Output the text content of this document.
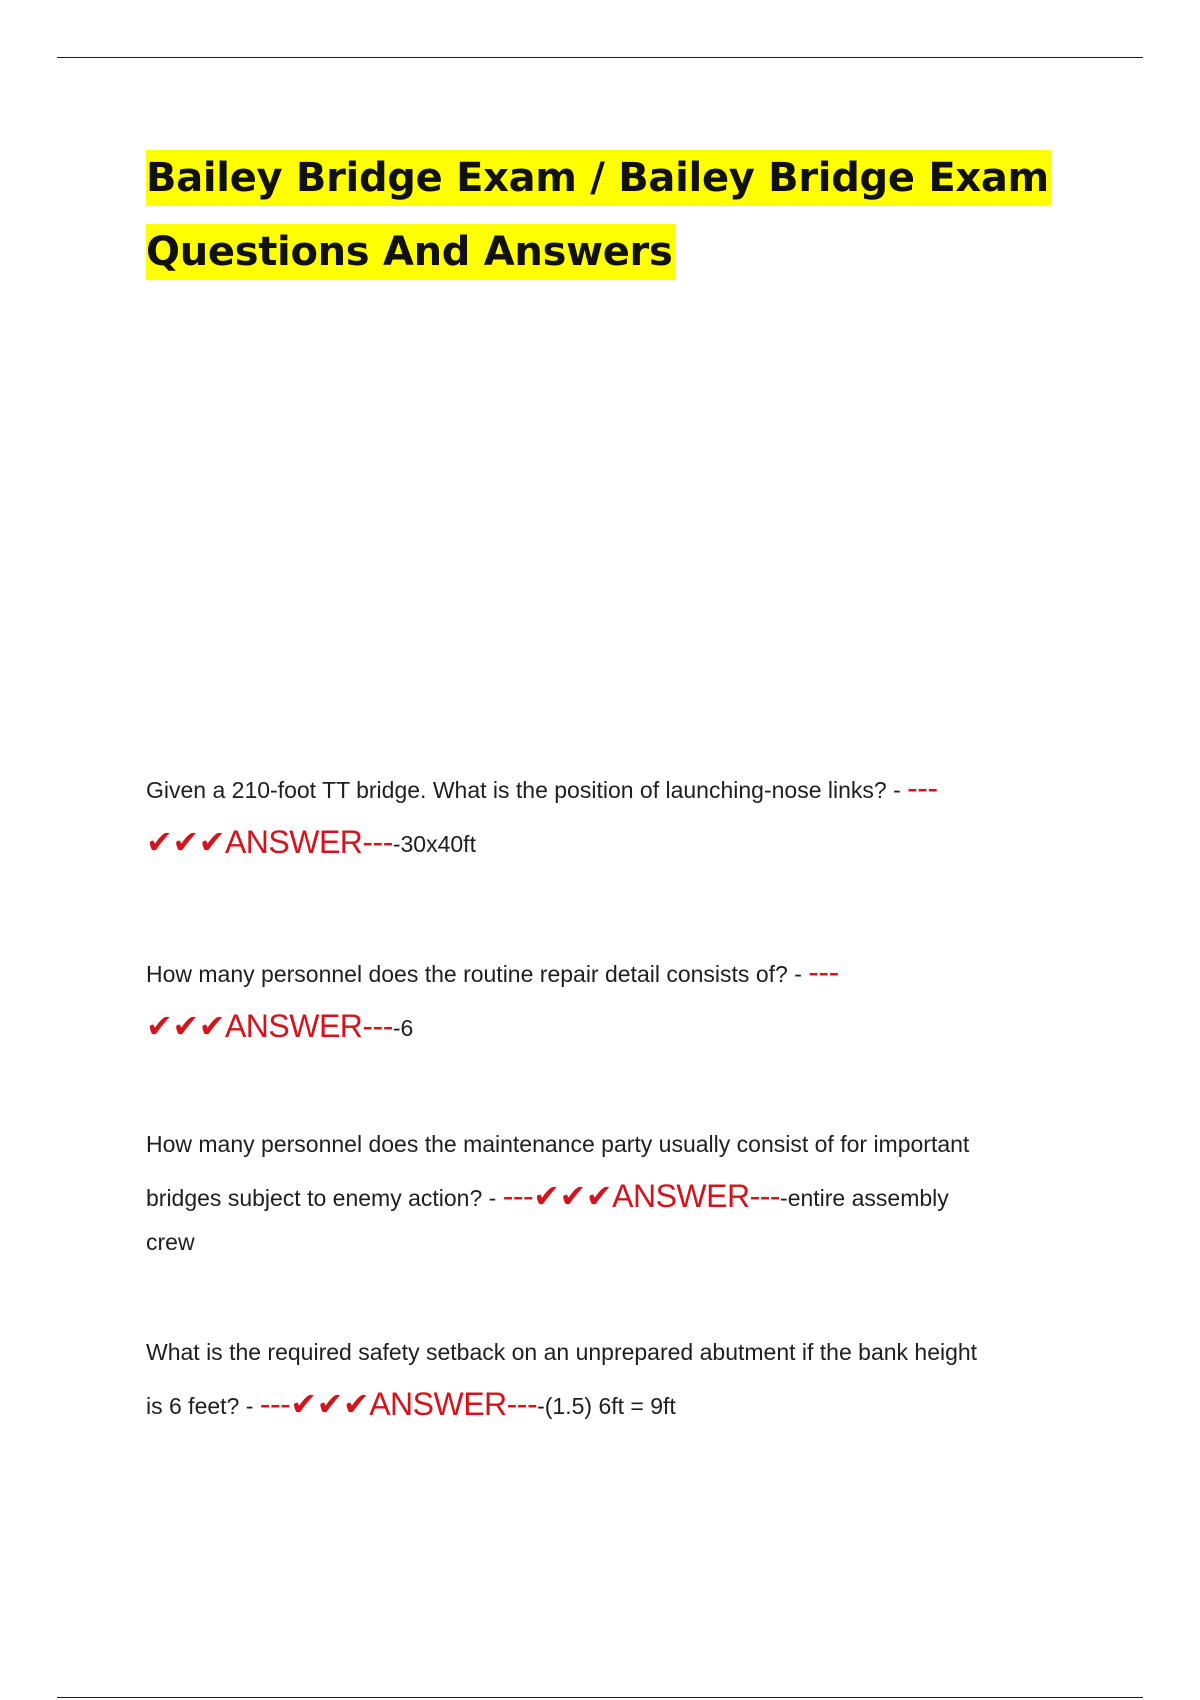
Bailey Bridge Exam / Bailey Bridge Exam
Questions And Answers
Given a 210-foot TT bridge. What is the position of launching-nose links? - ---
✔✔✔ANSWER----30x40ft
How many personnel does the routine repair detail consists of? - ---
✔✔✔ANSWER----6
How many personnel does the maintenance party usually consist of for important
bridges subject to enemy action? - ---✔✔✔ANSWER----entire assembly
crew
What is the required safety setback on an unprepared abutment if the bank height
is 6 feet? - ---✔✔✔ANSWER----(1.5) 6ft = 9ft
